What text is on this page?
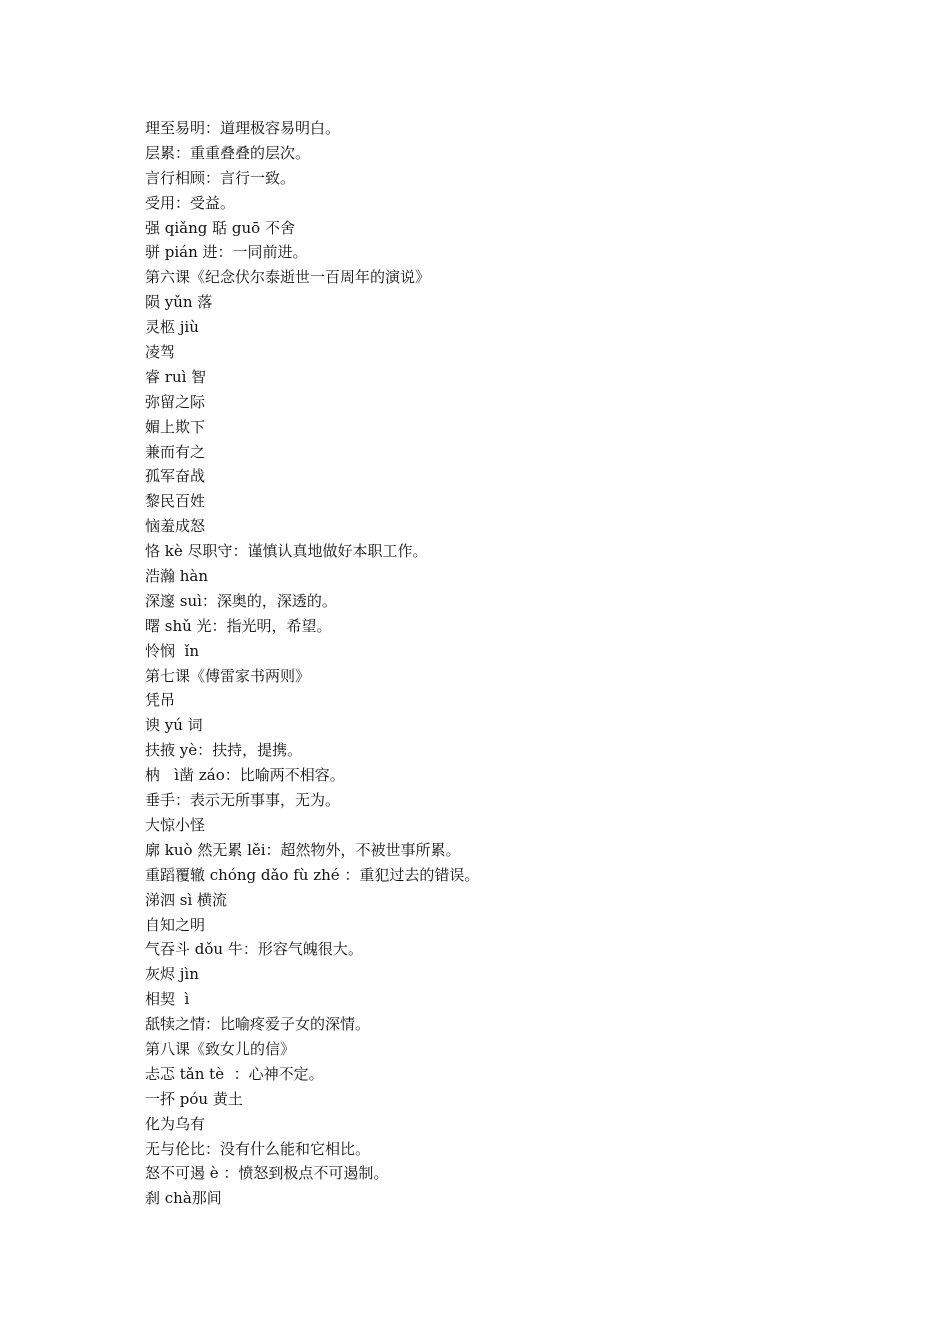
理至易明：道理极容易明白。
层累：重重叠叠的层次。
言行相顾：言行一致。
受用：受益。
强 qiǎng 聒 guō 不舍
骈 pián 进：一同前进。
第六课《纪念伏尔泰逝世一百周年的演说》
陨 yǔn 落
灵柩 jiù
凌驾
睿 ruì 智
弥留之际
媚上欺下
兼而有之
孤军奋战
黎民百姓
恼羞成怒
恪 kè 尽职守：谨慎认真地做好本职工作。
浩瀚 hàn
深邃 suì：深奥的，深透的。
曙 shǔ 光：指光明，希望。
怜悯  ǐn
第七课《傅雷家书两则》
凭吊
谀 yú 词
扶掖 yè：扶持，提携。
枘   ì凿 záo：比喻两不相容。
垂手：表示无所事事，无为。
大惊小怪
廓 kuò 然无累 lěi：超然物外，不被世事所累。
重蹈覆辙 chóng dǎo fù zhé ：重犯过去的错误。
涕泗 sì 横流
自知之明
气吞斗 dǒu 牛：形容气魄很大。
灰烬 jìn
相契  ì
舐犊之情：比喻疼爱子女的深情。
第八课《致女儿的信》
忐忑 tǎn tè  ：心神不定。
一抔 póu 黄土
化为乌有
无与伦比：没有什么能和它相比。
怒不可遏 è ：愤怒到极点不可遏制。
刹 chà那间
